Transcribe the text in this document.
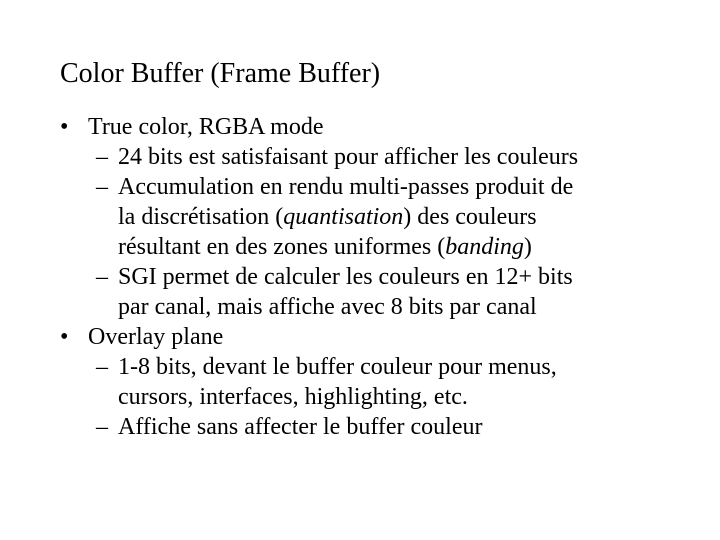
Color Buffer (Frame Buffer)
• True color, RGBA mode
– 24 bits est satisfaisant pour afficher les couleurs
– Accumulation en rendu multi-passes produit de
la discrétisation (quantisation) des couleurs
résultant en des zones uniformes (banding)
– SGI permet de calculer les couleurs en 12+ bits
par canal, mais affiche avec 8 bits par canal
• Overlay plane
– 1-8 bits, devant le buffer couleur pour menus,
cursors, interfaces, highlighting, etc.
– Affiche sans affecter le buffer couleur
